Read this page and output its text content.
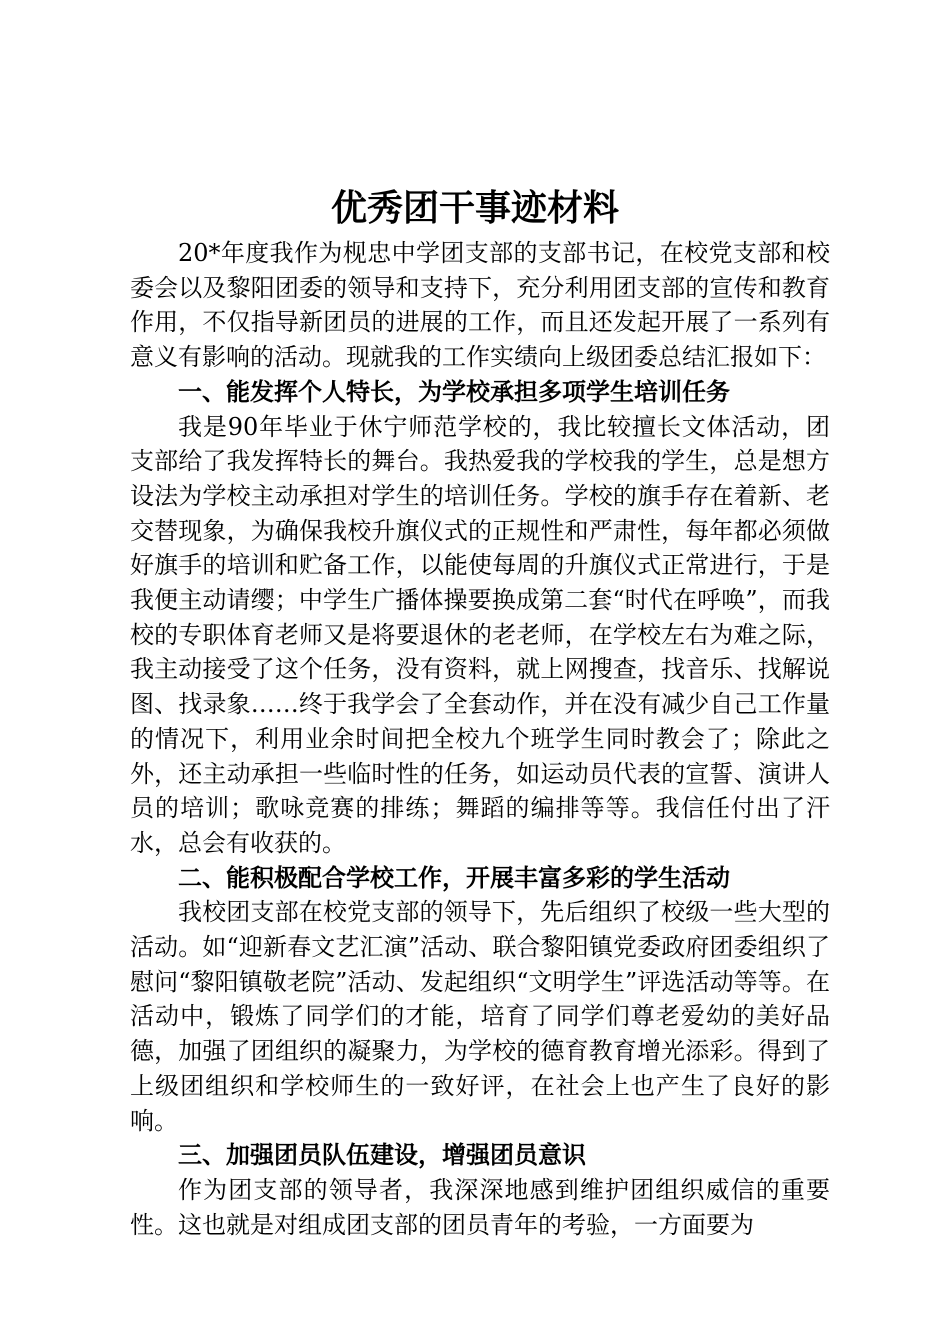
优秀团干事迹材料

20*年度我作为枧忠中学团支部的支部书记，在校党支部和校委会以及黎阳团委的领导和支持下，充分利用团支部的宣传和教育作用，不仅指导新团员的进展的工作，而且还发起开展了一系列有意义有影响的活动。现就我的工作实绩向上级团委总结汇报如下：

一、能发挥个人特长，为学校承担多项学生培训任务

我是90年毕业于休宁师范学校的，我比较擅长文体活动，团支部给了我发挥特长的舞台。我热爱我的学校我的学生，总是想方设法为学校主动承担对学生的培训任务。学校的旗手存在着新、老交替现象，为确保我校升旗仪式的正规性和严肃性，每年都必须做好旗手的培训和贮备工作，以能使每周的升旗仪式正常进行，于是我便主动请缨；中学生广播体操要换成第二套“时代在呼唤”，而我校的专职体育老师又是将要退休的老老师，在学校左右为难之际，我主动接受了这个任务，没有资料，就上网搜查，找音乐、找解说图、找录象……终于我学会了全套动作，并在没有减少自己工作量的情况下，利用业余时间把全校九个班学生同时教会了；除此之外，还主动承担一些临时性的任务，如运动员代表的宣誓、演讲人员的培训；歌咏竞赛的排练；舞蹈的编排等等。我信任付出了汗水，总会有收获的。

二、能积极配合学校工作，开展丰富多彩的学生活动

我校团支部在校党支部的领导下，先后组织了校级一些大型的活动。如“迎新春文艺汇演”活动、联合黎阳镇党委政府团委组织了慰问“黎阳镇敬老院”活动、发起组织“文明学生”评选活动等等。在活动中，锻炼了同学们的才能，培育了同学们尊老爱幼的美好品德，加强了团组织的凝聚力，为学校的德育教育增光添彩。得到了上级团组织和学校师生的一致好评，在社会上也产生了良好的影响。

三、加强团员队伍建设，增强团员意识

作为团支部的领导者，我深深地感到维护团组织威信的重要性。这也就是对组成团支部的团员青年的考验，一方面要为
